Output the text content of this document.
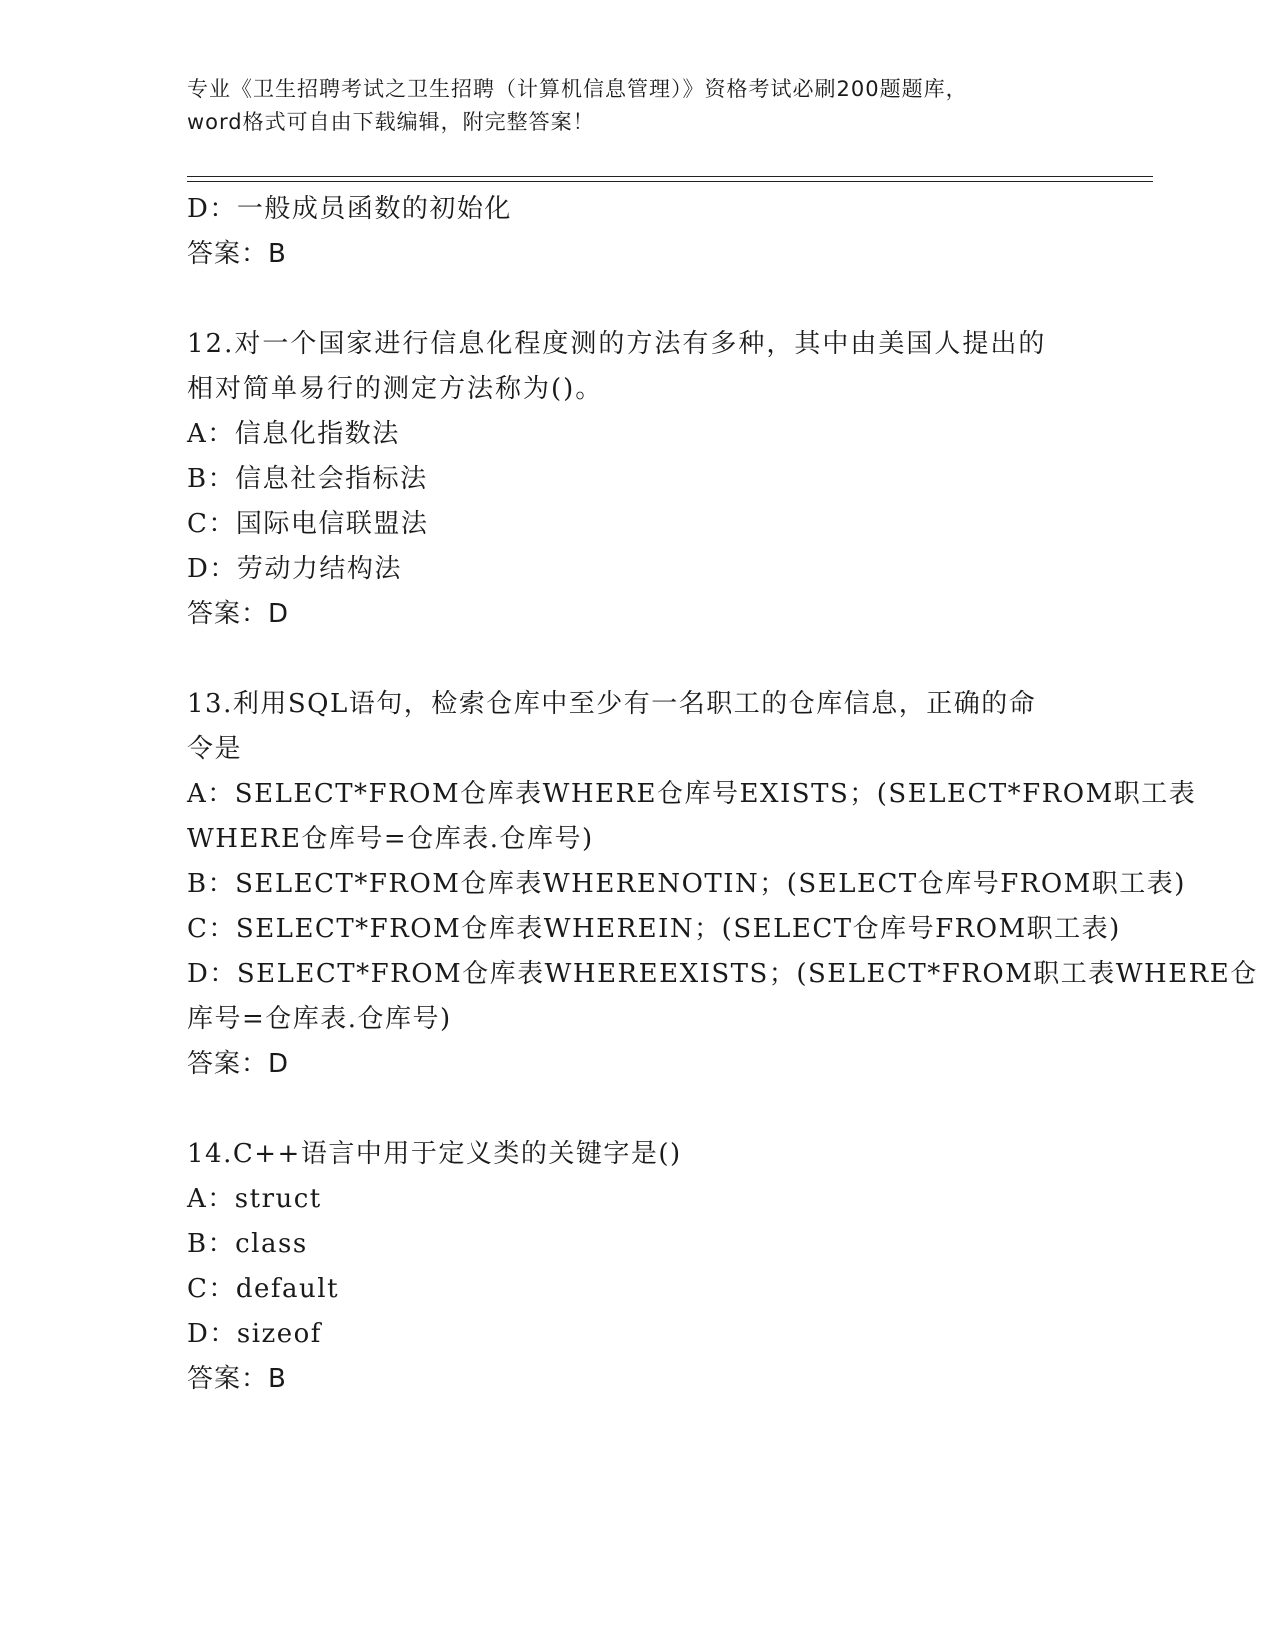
专业《卫生招聘考试之卫生招聘（计算机信息管理）》资格考试必刷200题题库，
word格式可自由下载编辑，附完整答案！

D：一般成员函数的初始化

答案：B

12.对一个国家进行信息化程度测的方法有多种，其中由美国人提出的

相对简单易行的测定方法称为()。

A：信息化指数法

B：信息社会指标法

C：国际电信联盟法

D：劳动力结构法

答案：D

13.利用SQL语句，检索仓库中至少有一名职工的仓库信息，正确的命

令是

A：SELECT*FROM仓库表WHERE仓库号EXISTS；(SELECT*FROM职工表

WHERE仓库号=仓库表.仓库号)

B：SELECT*FROM仓库表WHERENOTIN；(SELECT仓库号FROM职工表)

C：SELECT*FROM仓库表WHEREIN；(SELECT仓库号FROM职工表)

D：SELECT*FROM仓库表WHEREEXISTS；(SELECT*FROM职工表WHERE仓

库号=仓库表.仓库号)

答案：D

14.C++语言中用于定义类的关键字是()

A：struct

B：class

C：default

D：sizeof

答案：B
